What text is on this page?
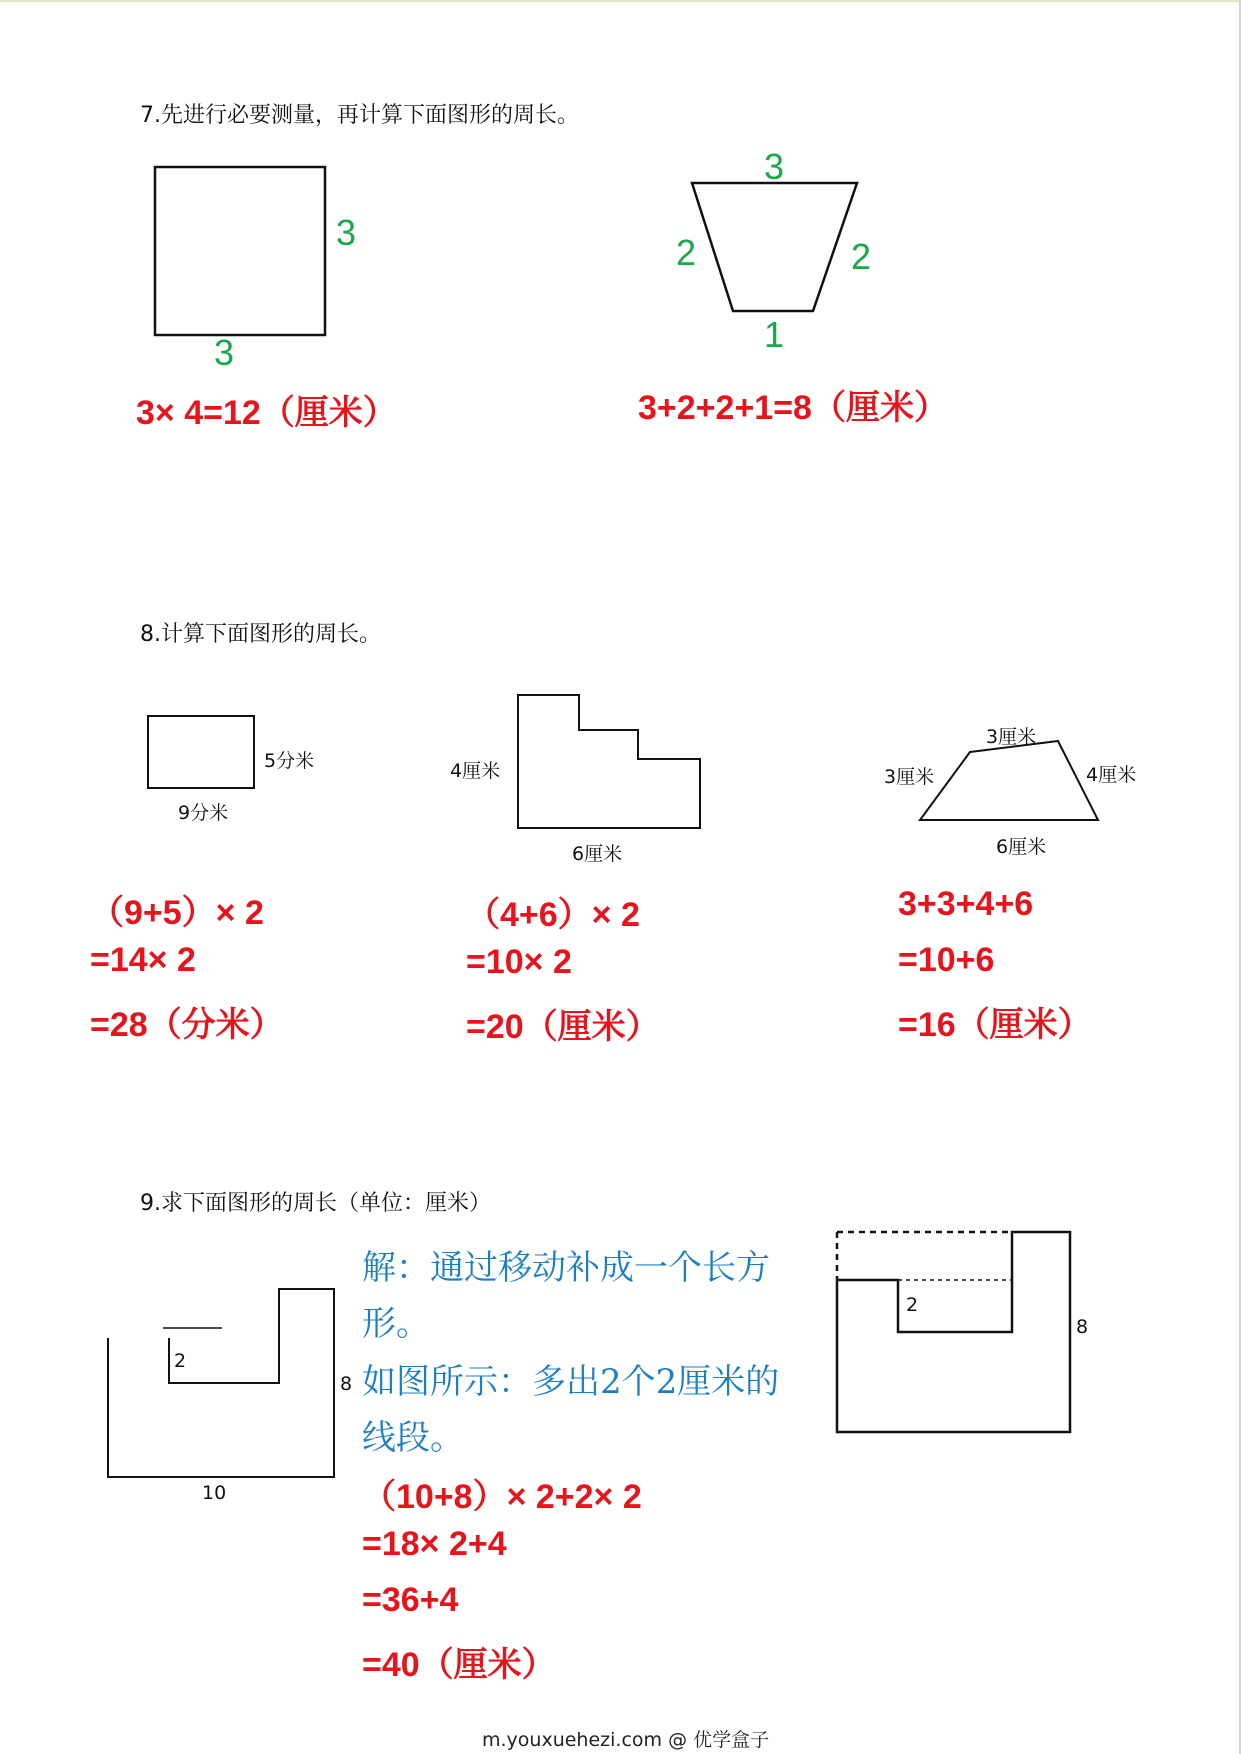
7.先进行必要测量，再计算下面图形的周长。
3
3
3× 4=12（厘米）
3
2	2
1
3+2+2+1=8（厘米）
8.计算下面图形的周长。
5分米
9分米
（9+5）× 2
=14× 2
=28（分米）
4厘米
6厘米
（4+6）× 2
=10× 2
=20（厘米）
3厘米
3厘米	4厘米
6厘米
3+3+4+6
=10+6
=16（厘米）
9.求下面图形的周长（单位：厘米）
2
8
10
2
8
解：通过移动补成一个长方
形。
如图所示：多出2个2厘米的
线段。
（10+8）× 2+2× 2
=18× 2+4
=36+4
=40（厘米）
m.youxuehezi.com @ 优学盒子
